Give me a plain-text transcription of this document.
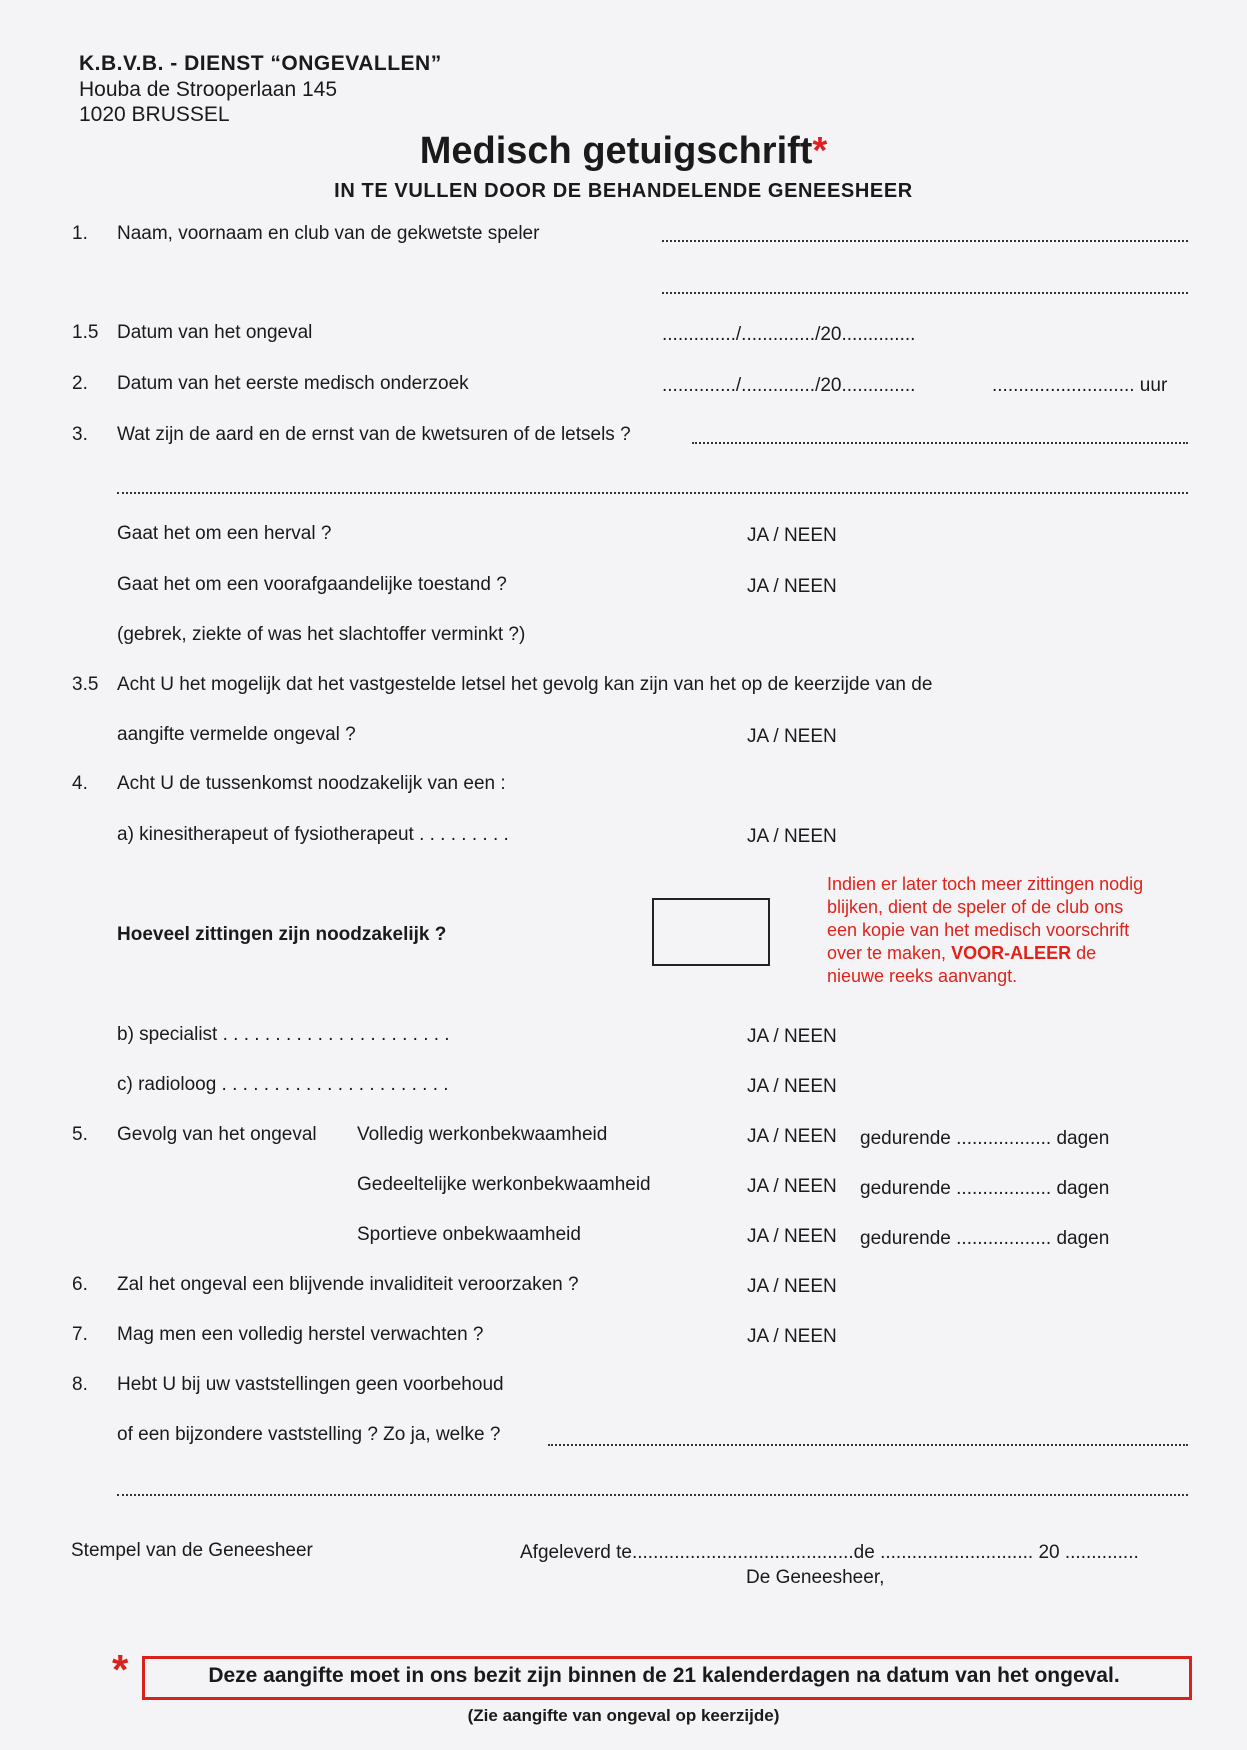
K.B.V.B. - DIENST “ONGEVALLEN”
Houba de Strooperlaan 145
1020 BRUSSEL
Medisch getuigschrift*
IN TE VULLEN DOOR DE BEHANDELENDE GENEESHEER
1. Naam, voornaam en club van de gekwetste speler
1.5 Datum van het ongeval	............../............../20..............
2. Datum van het eerste medisch onderzoek	............../............../20..............	........................... uur
3. Wat zijn de aard en de ernst van de kwetsuren of de letsels ?
Gaat het om een herval ?	JA / NEEN
Gaat het om een voorafgaandelijke toestand ?	JA / NEEN
(gebrek, ziekte of was het slachtoffer verminkt ?)
3.5 Acht U het mogelijk dat het vastgestelde letsel het gevolg kan zijn van het op de keerzijde van de
aangifte vermelde ongeval ?	JA / NEEN
4. Acht U de tussenkomst noodzakelijk van een :
a) kinesitherapeut of fysiotherapeut . . . . . . . . .	JA / NEEN
Hoeveel zittingen zijn noodzakelijk ?
Indien er later toch meer zittingen nodig blijken, dient de speler of de club ons een kopie van het medisch voorschrift over te maken, VOOR-ALEER de nieuwe reeks aanvangt.
b) specialist . . . . . . . . . . . . . . . . . . . . . .	JA / NEEN
c) radioloog . . . . . . . . . . . . . . . . . . . . . .	JA / NEEN
5. Gevolg van het ongeval Volledig werkonbekwaamheid	JA / NEEN gedurende .................. dagen
Gedeeltelijke werkonbekwaamheid	JA / NEEN gedurende .................. dagen
Sportieve onbekwaamheid	JA / NEEN gedurende .................. dagen
6. Zal het ongeval een blijvende invaliditeit veroorzaken ?	JA / NEEN
7. Mag men een volledig herstel verwachten ?	JA / NEEN
8. Hebt U bij uw vaststellingen geen voorbehoud
of een bijzondere vaststelling ? Zo ja, welke ?
Stempel van de Geneesheer	Afgeleverd te..........................................de ............................. 20 ..............
De Geneesheer,
*	Deze aangifte moet in ons bezit zijn binnen de 21 kalenderdagen na datum van het ongeval.
(Zie aangifte van ongeval op keerzijde)
